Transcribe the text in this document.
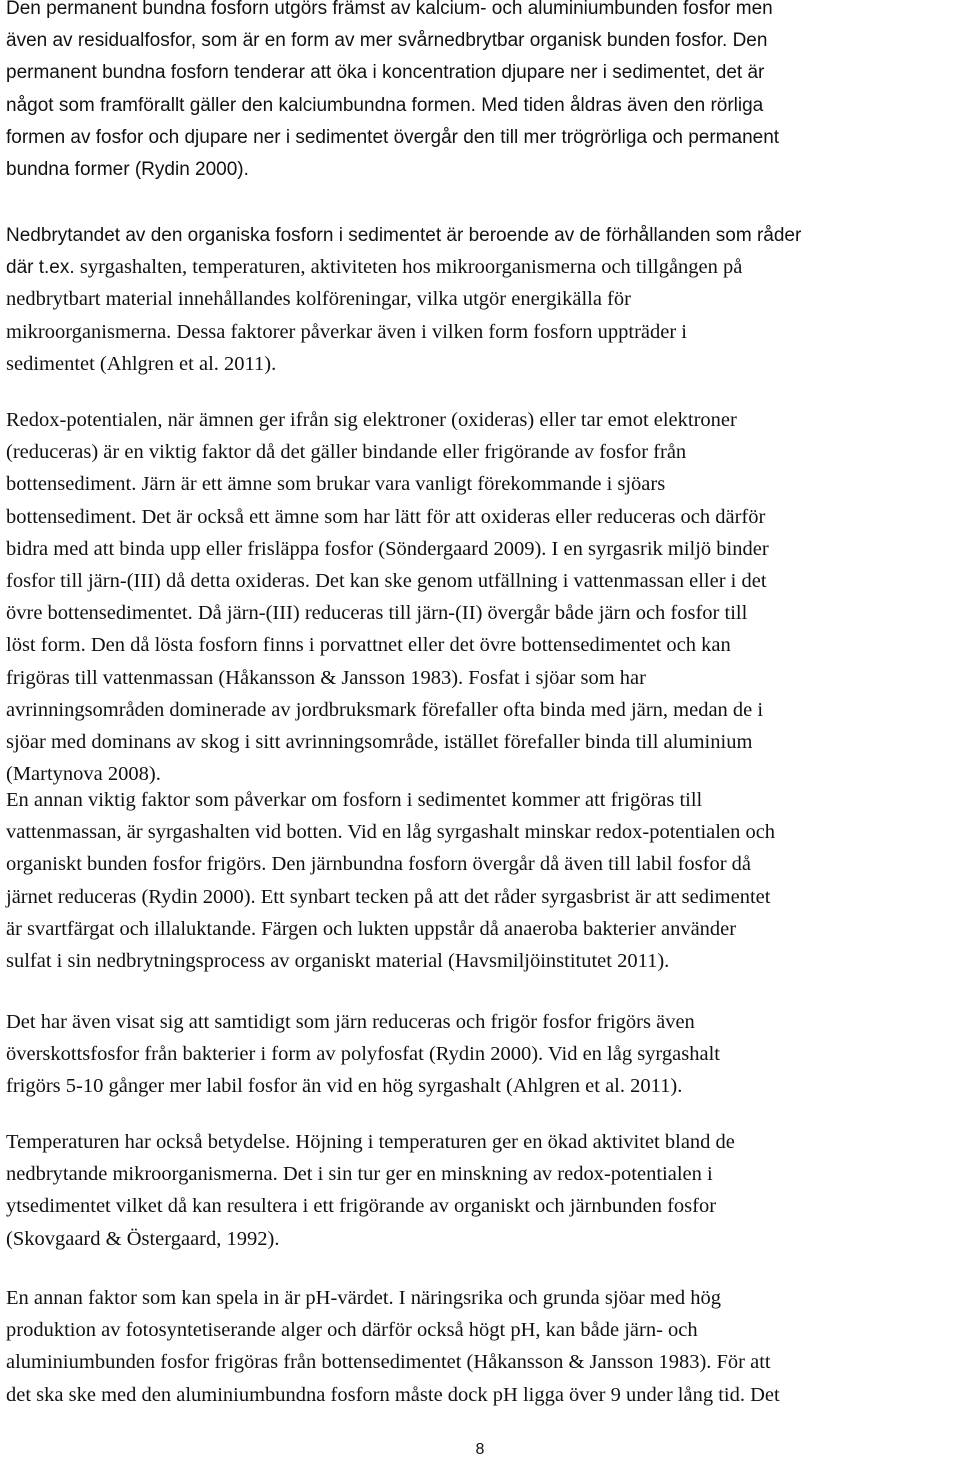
Den permanent bundna fosforn utgörs främst av kalcium- och aluminiumbunden fosfor men
även av residualfosfor, som är en form av mer svårnedbrytbar organisk bunden fosfor. Den
permanent bundna fosforn tenderar att öka i koncentration djupare ner i sedimentet, det är
något som framförallt gäller den kalciumbundna formen. Med tiden åldras även den rörliga
formen av fosfor och djupare ner i sedimentet övergår den till mer trögrörliga och permanent
bundna former (Rydin 2000).
Nedbrytandet av den organiska fosforn i sedimentet är beroende av de förhållanden som råder
där t.ex. syrgashalten, temperaturen, aktiviteten hos mikroorganismerna och tillgången på
nedbrytbart material innehållandes kolföreningar, vilka utgör energikälla för
mikroorganismerna. Dessa faktorer påverkar även i vilken form fosforn uppträder i
sedimentet (Ahlgren et al. 2011).
Redox-potentialen, när ämnen ger ifrån sig elektroner (oxideras) eller tar emot elektroner
(reduceras) är en viktig faktor då det gäller bindande eller frigörande av fosfor från
bottensediment. Järn är ett ämne som brukar vara vanligt förekommande i sjöars
bottensediment. Det är också ett ämne som har lätt för att oxideras eller reduceras och därför
bidra med att binda upp eller frisläppa fosfor (Söndergaard 2009). I en syrgasrik miljö binder
fosfor till järn-(III) då detta oxideras. Det kan ske genom utfällning i vattenmassan eller i det
övre bottensedimentet. Då järn-(III) reduceras till järn-(II) övergår både järn och fosfor till
löst form. Den då lösta fosforn finns i porvattnet eller det övre bottensedimentet och kan
frigöras till vattenmassan (Håkansson & Jansson 1983). Fosfat i sjöar som har
avrinningsområden dominerade av jordbruksmark förefaller ofta binda med järn, medan de i
sjöar med dominans av skog i sitt avrinningsområde, istället förefaller binda till aluminium
(Martynova 2008).
En annan viktig faktor som påverkar om fosforn i sedimentet kommer att frigöras till
vattenmassan, är syrgashalten vid botten. Vid en låg syrgashalt minskar redox-potentialen och
organiskt bunden fosfor frigörs. Den järnbundna fosforn övergår då även till labil fosfor då
järnet reduceras (Rydin 2000). Ett synbart tecken på att det råder syrgasbrist är att sedimentet
är svartfärgat och illaluktande. Färgen och lukten uppstår då anaeroba bakterier använder
sulfat i sin nedbrytningsprocess av organiskt material (Havsmiljöinstitutet 2011).
Det har även visat sig att samtidigt som järn reduceras och frigör fosfor frigörs även
överskottsfosfor från bakterier i form av polyfosfat (Rydin 2000). Vid en låg syrgashalt
frigörs 5-10 gånger mer labil fosfor än vid en hög syrgashalt (Ahlgren et al. 2011).
Temperaturen har också betydelse. Höjning i temperaturen ger en ökad aktivitet bland de
nedbrytande mikroorganismerna. Det i sin tur ger en minskning av redox-potentialen i
ytsedimentet vilket då kan resultera i ett frigörande av organiskt och järnbunden fosfor
(Skovgaard & Östergaard, 1992).
En annan faktor som kan spela in är pH-värdet. I näringsrika och grunda sjöar med hög
produktion av fotosyntetiserande alger och därför också högt pH, kan både järn- och
aluminiumbunden fosfor frigöras från bottensedimentet (Håkansson & Jansson 1983). För att
det ska ske med den aluminiumbundna fosforn måste dock pH ligga över 9 under lång tid. Det
8
